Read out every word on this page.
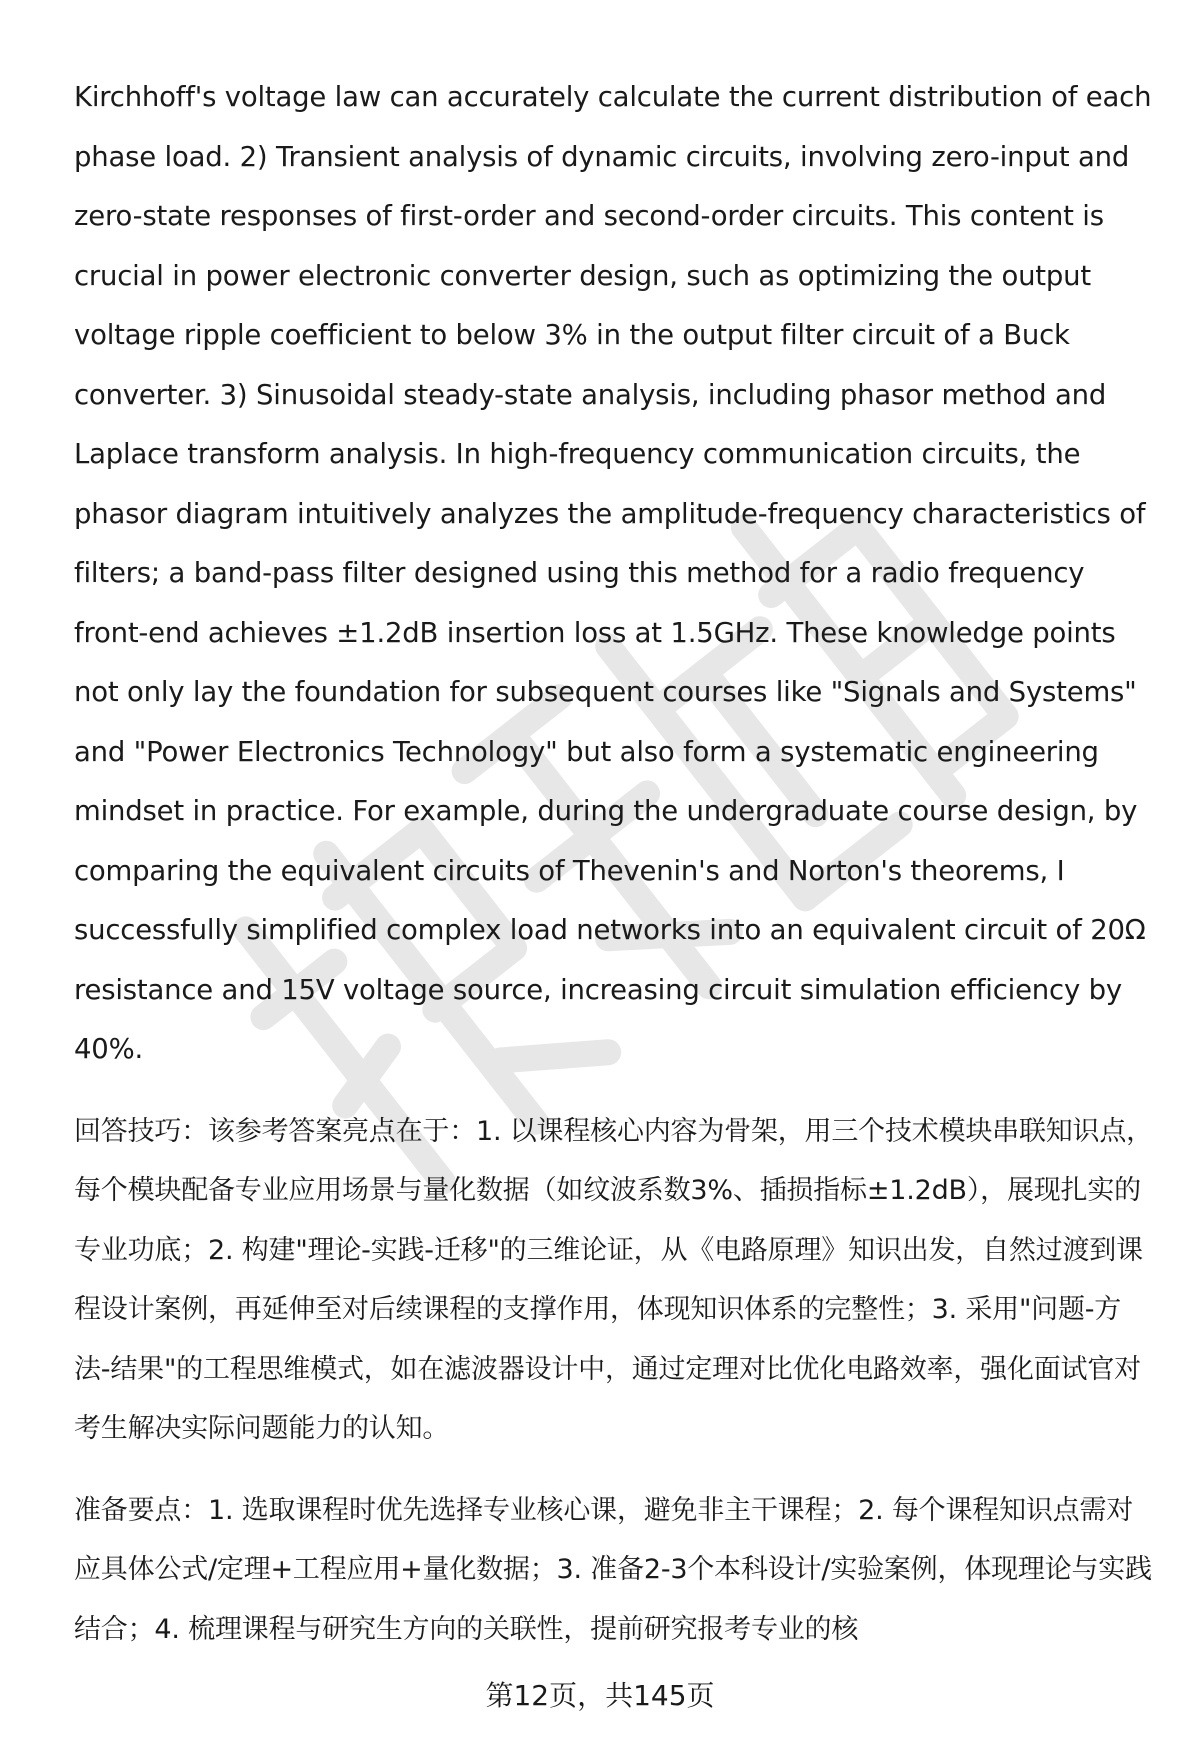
Kirchhoff's voltage law can accurately calculate the current distribution of each phase load. 2) Transient analysis of dynamic circuits, involving zero-input and zero-state responses of first-order and second-order circuits. This content is crucial in power electronic converter design, such as optimizing the output voltage ripple coefficient to below 3% in the output filter circuit of a Buck converter. 3) Sinusoidal steady-state analysis, including phasor method and Laplace transform analysis. In high-frequency communication circuits, the phasor diagram intuitively analyzes the amplitude-frequency characteristics of filters; a band-pass filter designed using this method for a radio frequency front-end achieves ±1.2dB insertion loss at 1.5GHz. These knowledge points not only lay the foundation for subsequent courses like "Signals and Systems" and "Power Electronics Technology" but also form a systematic engineering mindset in practice. For example, during the undergraduate course design, by comparing the equivalent circuits of Thevenin's and Norton's theorems, I successfully simplified complex load networks into an equivalent circuit of 20Ω resistance and 15V voltage source, increasing circuit simulation efficiency by 40%.

回答技巧：该参考答案亮点在于：1. 以课程核心内容为骨架，用三个技术模块串联知识点，每个模块配备专业应用场景与量化数据（如纹波系数3%、插损指标±1.2dB），展现扎实的专业功底；2. 构建"理论-实践-迁移"的三维论证，从《电路原理》知识出发，自然过渡到课程设计案例，再延伸至对后续课程的支撑作用，体现知识体系的完整性；3. 采用"问题-方法-结果"的工程思维模式，如在滤波器设计中，通过定理对比优化电路效率，强化面试官对考生解决实际问题能力的认知。

准备要点：1. 选取课程时优先选择专业核心课，避免非主干课程；2. 每个课程知识点需对应具体公式/定理+工程应用+量化数据；3. 准备2-3个本科设计/实验案例，体现理论与实践结合；4. 梳理课程与研究生方向的关联性，提前研究报考专业的核

第12页，共145页
